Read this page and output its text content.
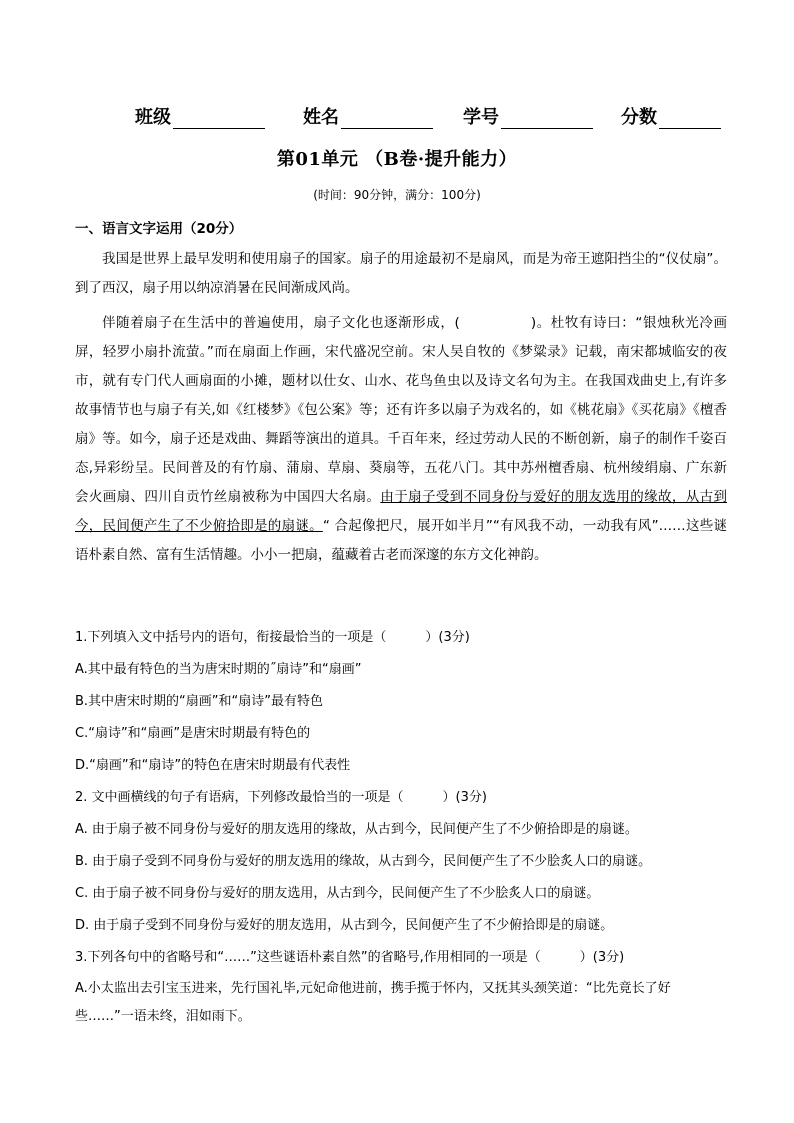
班级	姓名	学号	分数
第01单元 （B卷·提升能力）
(时间：90分钟，满分：100分)
一、语言文字运用（20分）

我国是世界上最早发明和使用扇子的国家。扇子的用途最初不是扇风，而是为帝王遮阳挡尘的“仪仗扇”。到了西汉，扇子用以纳凉消暑在民间渐成风尚。

伴随着扇子在生活中的普遍使用，扇子文化也逐渐形成，(　　　　　)。杜牧有诗曰：“银烛秋光冷画屏，轻罗小扇扑流萤。”而在扇面上作画，宋代盛况空前。宋人吴自牧的《梦粱录》记载，南宋都城临安的夜市，就有专门代人画扇面的小摊，题材以仕女、山水、花鸟鱼虫以及诗文名句为主。在我国戏曲史上,有许多故事情节也与扇子有关,如《红楼梦》《包公案》等；还有许多以扇子为戏名的，如《桃花扇》《买花扇》《檀香扇》等。如今，扇子还是戏曲、舞蹈等演出的道具。千百年来，经过劳动人民的不断创新，扇子的制作千姿百态,异彩纷呈。民间普及的有竹扇、蒲扇、草扇、葵扇等，五花八门。其中苏州檀香扇、杭州绫绢扇、广东新会火画扇、四川自贡竹丝扇被称为中国四大名扇。由于扇子受到不同身份与爱好的朋友选用的缘故，从古到今，民间便产生了不少俯拾即是的扇谜。“ 合起像把尺，展开如半月”“有风我不动，一动我有风”……这些谜语朴素自然、富有生活情趣。小小一把扇，蕴藏着古老而深邃的东方文化神韵。

1.下列填入文中括号内的语句，衔接最恰当的一项是（　　　）(3分)
A.其中最有特色的当为唐宋时期的˝扇诗”和“扇画”
B.其中唐宋时期的“扇画”和“扇诗”最有特色
C.“扇诗”和“扇画”是唐宋时期最有特色的
D.“扇画”和“扇诗”的特色在唐宋时期最有代表性
2. 文中画横线的句子有语病，下列修改最恰当的一项是（　　　）(3分)
A. 由于扇子被不同身份与爱好的朋友选用的缘故，从古到今，民间便产生了不少俯拾即是的扇谜。
B. 由于扇子受到不同身份与爱好的朋友选用的缘故，从古到今，民间便产生了不少脍炙人口的扇谜。
C. 由于扇子被不同身份与爱好的朋友选用，从古到今，民间便产生了不少脍炙人口的扇谜。
D. 由于扇子受到不同身份与爱好的朋友选用，从古到今，民间便产生了不少俯拾即是的扇谜。
3.下列各句中的省略号和“……”这些谜语朴素自然”的省略号,作用相同的一项是（　　　）(3分)
A.小太监出去引宝玉进来，先行国礼毕,元妃命他进前，携手揽于怀内，又抚其头颈笑道：“比先竟长了好些……”一语未终，泪如雨下。
